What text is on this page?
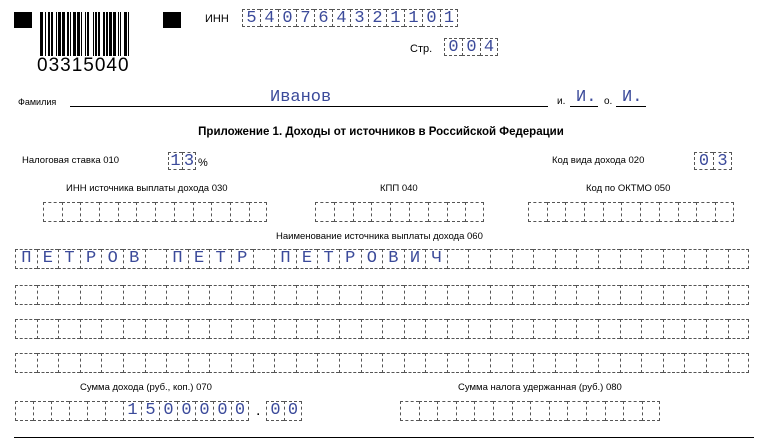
03315040
ИНН 5 4 0 7 6 4 3 2 1 1 0 1
Стр. 0 0 4
Фамилия	Иванов	и. И. о. И.
Приложение 1. Доходы от источников в Российской Федерации
Налоговая ставка 010	1 3 %	Код вида дохода 020	0 3
ИНН источника выплаты дохода 030	КПП 040	Код по ОКТМО 050
Наименование источника выплаты дохода 060
П Е Т Р О В	П Е Т Р	П Е Т Р О В И Ч
Сумма дохода (руб., коп.) 070
1 5 0 0 0 0 0 . 0 0
Сумма налога удержанная (руб.) 080
